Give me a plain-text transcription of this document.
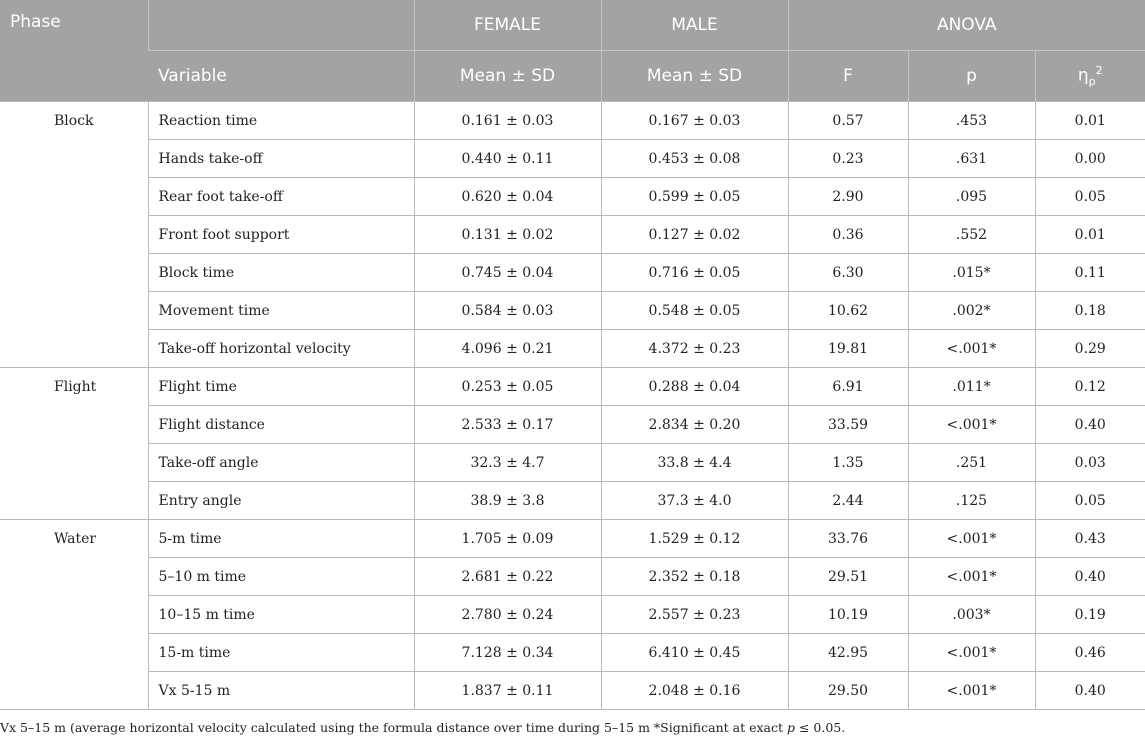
Phase		FEMALE	MALE	ANOVA		
	Variable	Mean ± SD	Mean ± SD	F	p	$\eta_p^2$
Block	Reaction time	0.161 ± 0.03	0.167 ± 0.03	0.57	.453	0.01
	Hands take-off	0.440 ± 0.11	0.453 ± 0.08	0.23	.631	0.00
	Rear foot take-off	0.620 ± 0.04	0.599 ± 0.05	2.90	.095	0.05
	Front foot support	0.131 ± 0.02	0.127 ± 0.02	0.36	.552	0.01
	Block time	0.745 ± 0.04	0.716 ± 0.05	6.30	.015*	0.11
	Movement time	0.584 ± 0.03	0.548 ± 0.05	10.62	.002*	0.18
	Take-off horizontal velocity	4.096 ± 0.21	4.372 ± 0.23	19.81	<.001*	0.29
Flight	Flight time	0.253 ± 0.05	0.288 ± 0.04	6.91	.011*	0.12
	Flight distance	2.533 ± 0.17	2.834 ± 0.20	33.59	<.001*	0.40
	Take-off angle	32.3 ± 4.7	33.8 ± 4.4	1.35	.251	0.03
	Entry angle	38.9 ± 3.8	37.3 ± 4.0	2.44	.125	0.05
Water	5-m time	1.705 ± 0.09	1.529 ± 0.12	33.76	<.001*	0.43
	5–10 m time	2.681 ± 0.22	2.352 ± 0.18	29.51	<.001*	0.40
	10–15 m time	2.780 ± 0.24	2.557 ± 0.23	10.19	.003*	0.19
	15-m time	7.128 ± 0.34	6.410 ± 0.45	42.95	<.001*	0.46
	Vx 5-15 m	1.837 ± 0.11	2.048 ± 0.16	29.50	<.001*	0.40
Vx 5–15 m (average horizontal velocity calculated using the formula distance over time during 5–15 m *Significant at exact p ≤ 0.05.
